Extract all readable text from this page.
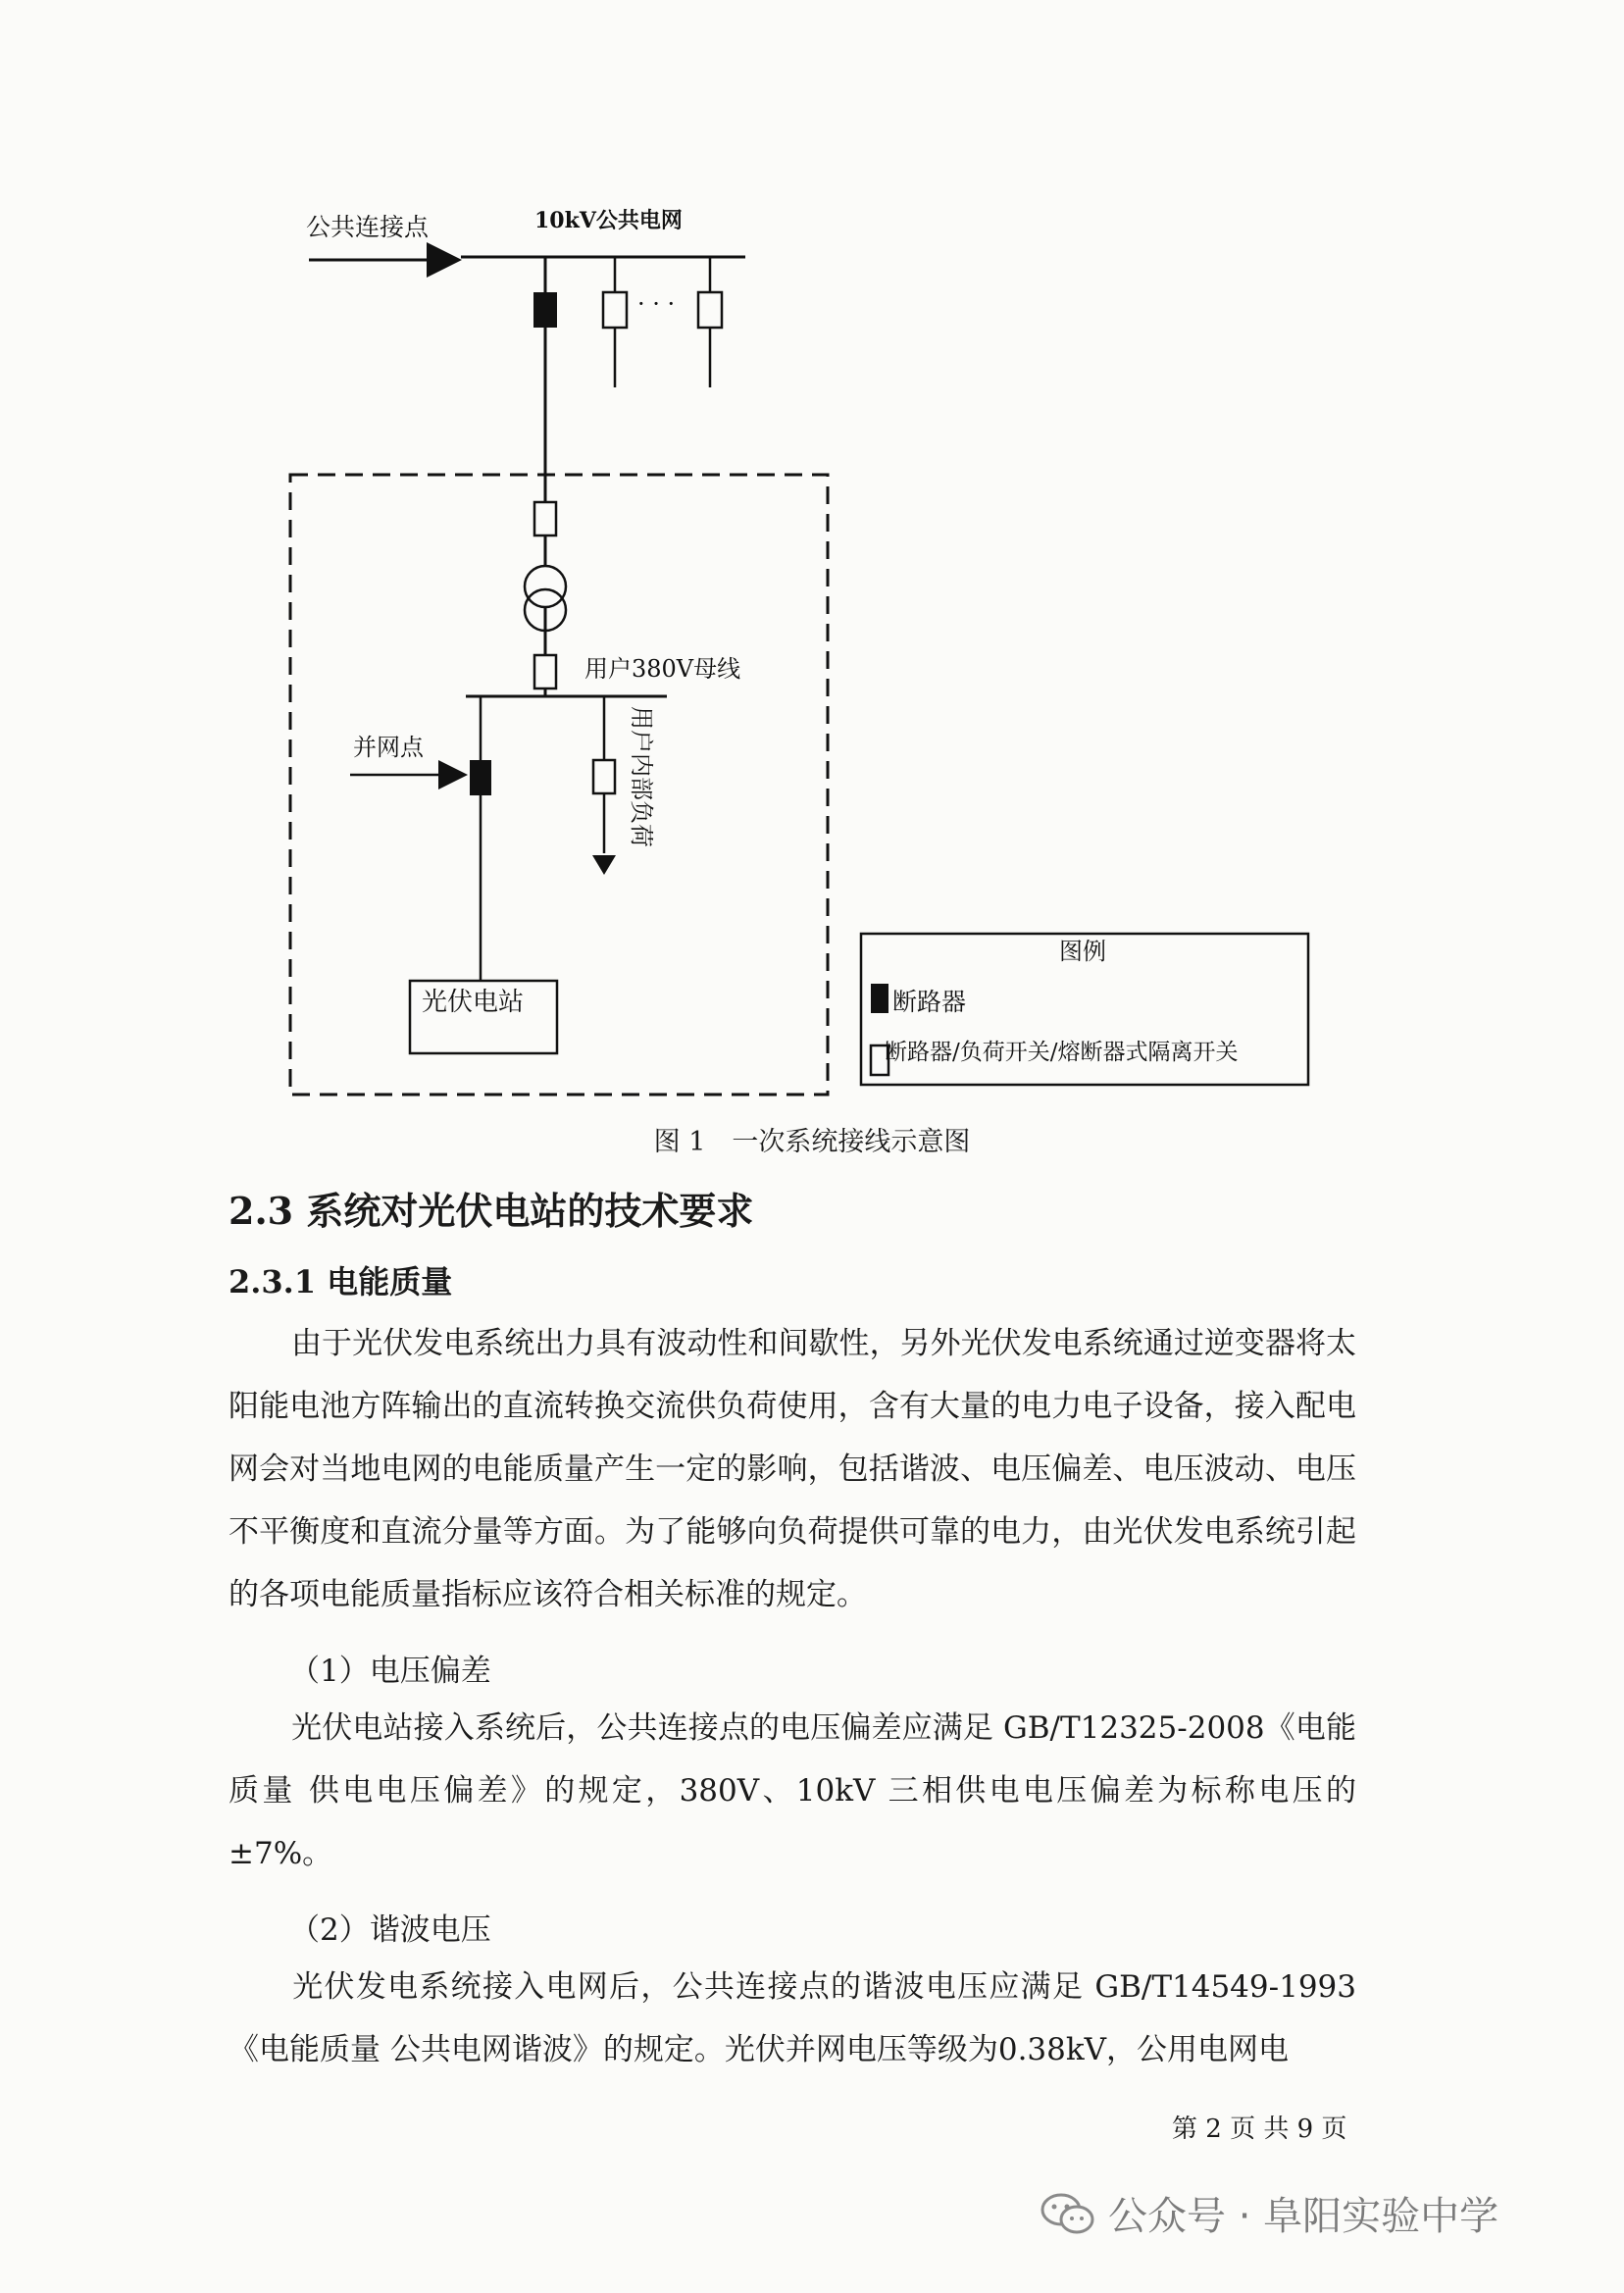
公共连接点	10kV公共电网
· · ·
用户380V母线
并网点
光伏电站
用户内部负荷
图例
断路器
断路器/负荷开关/熔断器式隔离开关
图 1　一次系统接线示意图
2.3 系统对光伏电站的技术要求
2.3.1 电能质量

由于光伏发电系统出力具有波动性和间歇性，另外光伏发电系统通过逆变器将太阳能电池方阵输出的直流转换交流供负荷使用，含有大量的电力电子设备，接入配电网会对当地电网的电能质量产生一定的影响，包括谐波、电压偏差、电压波动、电压不平衡度和直流分量等方面。为了能够向负荷提供可靠的电力，由光伏发电系统引起的各项电能质量指标应该符合相关标准的规定。

（1）电压偏差

光伏电站接入系统后，公共连接点的电压偏差应满足 GB/T12325-2008《电能质量 供电电压偏差》的规定，380V、10kV 三相供电电压偏差为标称电压的±7%。

（2）谐波电压

光伏发电系统接入电网后，公共连接点的谐波电压应满足 GB/T14549-1993《电能质量 公共电网谐波》的规定。光伏并网电压等级为0.38kV，公用电网电

第 2 页 共 9 页
公众号 · 阜阳实验中学
